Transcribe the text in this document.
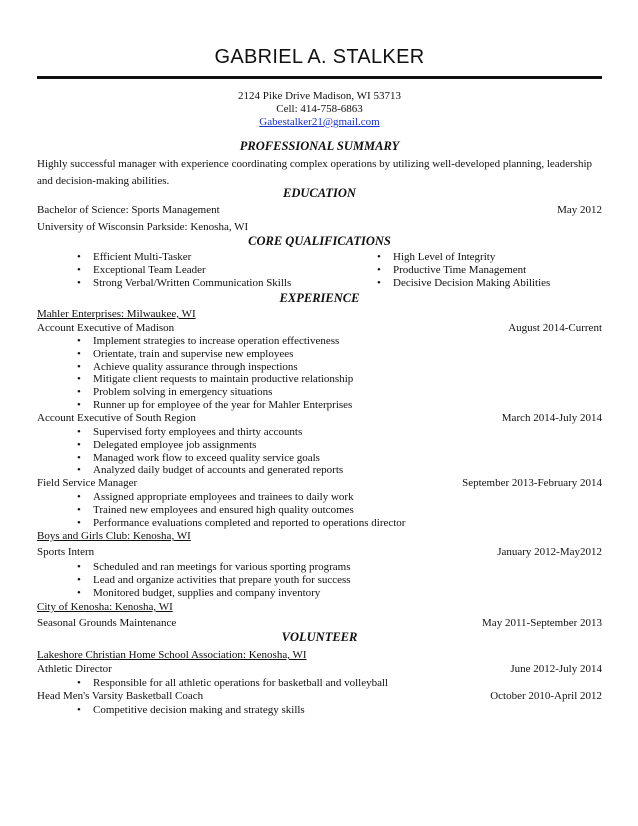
GABRIEL A. STALKER
2124 Pike Drive Madison, WI 53713
Cell: 414-758-6863
Gabestalker21@gmail.com
PROFESSIONAL SUMMARY
Highly successful manager with experience coordinating complex operations by utilizing well-developed planning, leadership
and decision-making abilities.
EDUCATION
Bachelor of Science: Sports Management	May 2012
University of Wisconsin Parkside: Kenosha, WI
CORE QUALIFICATIONS
• Efficient Multi-Tasker
• Exceptional Team Leader
• Strong Verbal/Written Communication Skills
• High Level of Integrity
• Productive Time Management
• Decisive Decision Making Abilities
EXPERIENCE
Mahler Enterprises: Milwaukee, WI
Account Executive of Madison	August 2014-Current
• Implement strategies to increase operation effectiveness
• Orientate, train and supervise new employees
• Achieve quality assurance through inspections
• Mitigate client requests to maintain productive relationship
• Problem solving in emergency situations
• Runner up for employee of the year for Mahler Enterprises
Account Executive of South Region	March 2014-July 2014
• Supervised forty employees and thirty accounts
• Delegated employee job assignments
• Managed work flow to exceed quality service goals
• Analyzed daily budget of accounts and generated reports
Field Service Manager	September 2013-February 2014
• Assigned appropriate employees and trainees to daily work
• Trained new employees and ensured high quality outcomes
• Performance evaluations completed and reported to operations director
Boys and Girls Club: Kenosha, WI
Sports Intern	January 2012-May2012
• Scheduled and ran meetings for various sporting programs
• Lead and organize activities that prepare youth for success
• Monitored budget, supplies and company inventory
City of Kenosha: Kenosha, WI
Seasonal Grounds Maintenance	May 2011-September 2013
VOLUNTEER
Lakeshore Christian Home School Association: Kenosha, WI
Athletic Director	June 2012-July 2014
• Responsible for all athletic operations for basketball and volleyball
Head Men's Varsity Basketball Coach	October 2010-April 2012
• Competitive decision making and strategy skills
